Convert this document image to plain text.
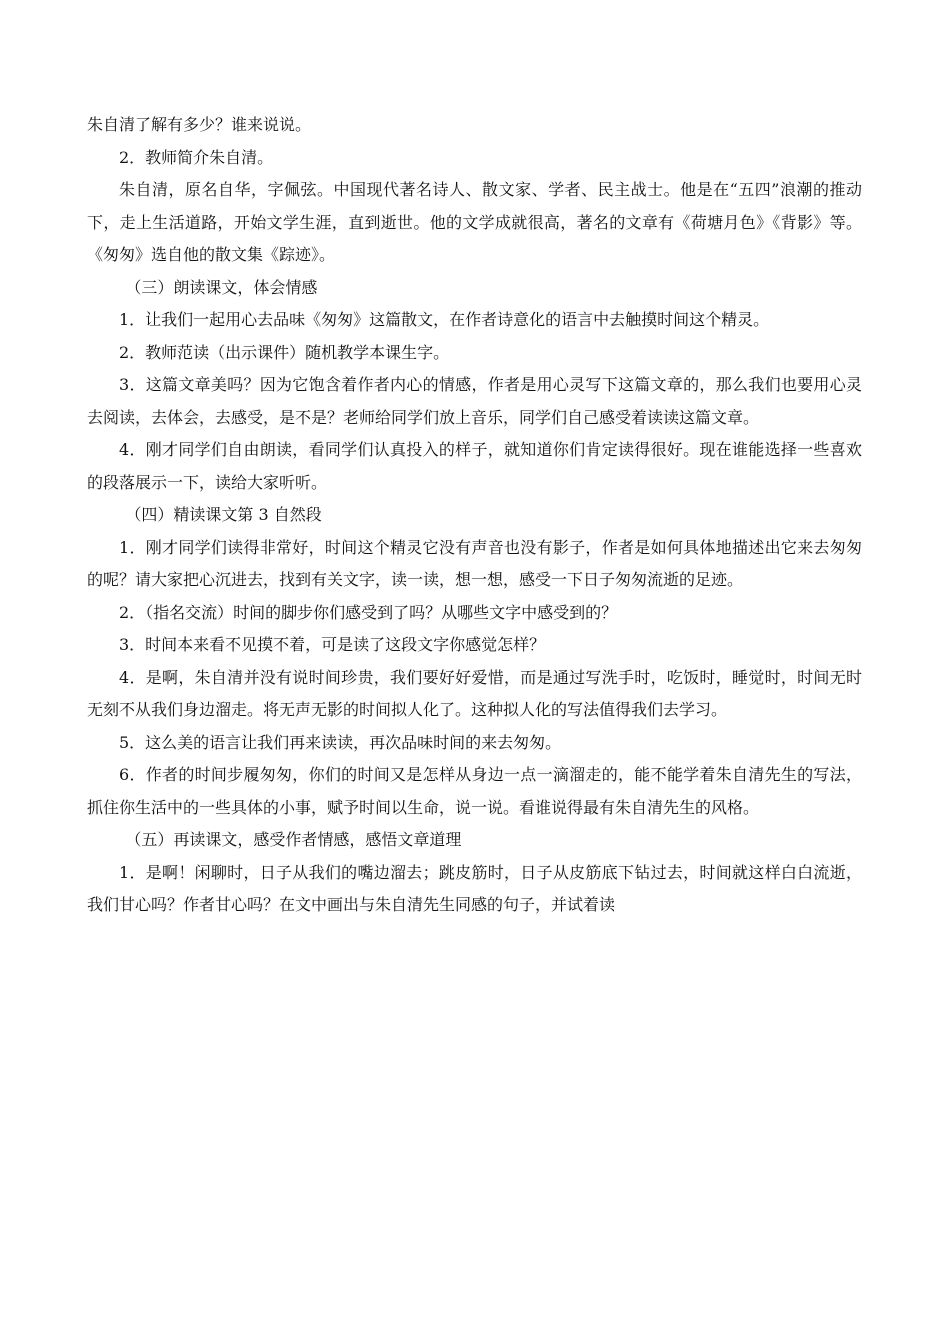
朱自清了解有多少？谁来说说。

2．教师简介朱自清。

朱自清，原名自华，字佩弦。中国现代著名诗人、散文家、学者、民主战士。他是在“五四”浪潮的推动下，走上生活道路，开始文学生涯，直到逝世。他的文学成就很高，著名的文章有《荷塘月色》《背影》等。《匆匆》选自他的散文集《踪迹》。

（三）朗读课文，体会情感

1．让我们一起用心去品味《匆匆》这篇散文，在作者诗意化的语言中去触摸时间这个精灵。

2．教师范读（出示课件）随机教学本课生字。

3．这篇文章美吗？因为它饱含着作者内心的情感，作者是用心灵写下这篇文章的，那么我们也要用心灵去阅读，去体会，去感受，是不是？老师给同学们放上音乐，同学们自己感受着读读这篇文章。

4．刚才同学们自由朗读，看同学们认真投入的样子，就知道你们肯定读得很好。现在谁能选择一些喜欢的段落展示一下，读给大家听听。

（四）精读课文第 3 自然段

1．刚才同学们读得非常好，时间这个精灵它没有声音也没有影子，作者是如何具体地描述出它来去匆匆的呢？请大家把心沉进去，找到有关文字，读一读，想一想，感受一下日子匆匆流逝的足迹。

2．（指名交流）时间的脚步你们感受到了吗？从哪些文字中感受到的？

3．时间本来看不见摸不着，可是读了这段文字你感觉怎样？

4．是啊，朱自清并没有说时间珍贵，我们要好好爱惜，而是通过写洗手时，吃饭时，睡觉时，时间无时无刻不从我们身边溜走。将无声无影的时间拟人化了。这种拟人化的写法值得我们去学习。

5．这么美的语言让我们再来读读，再次品味时间的来去匆匆。

6．作者的时间步履匆匆，你们的时间又是怎样从身边一点一滴溜走的，能不能学着朱自清先生的写法，抓住你生活中的一些具体的小事，赋予时间以生命，说一说。看谁说得最有朱自清先生的风格。

（五）再读课文，感受作者情感，感悟文章道理

1．是啊！闲聊时，日子从我们的嘴边溜去；跳皮筋时，日子从皮筋底下钻过去，时间就这样白白流逝，我们甘心吗？作者甘心吗？在文中画出与朱自清先生同感的句子，并试着读
